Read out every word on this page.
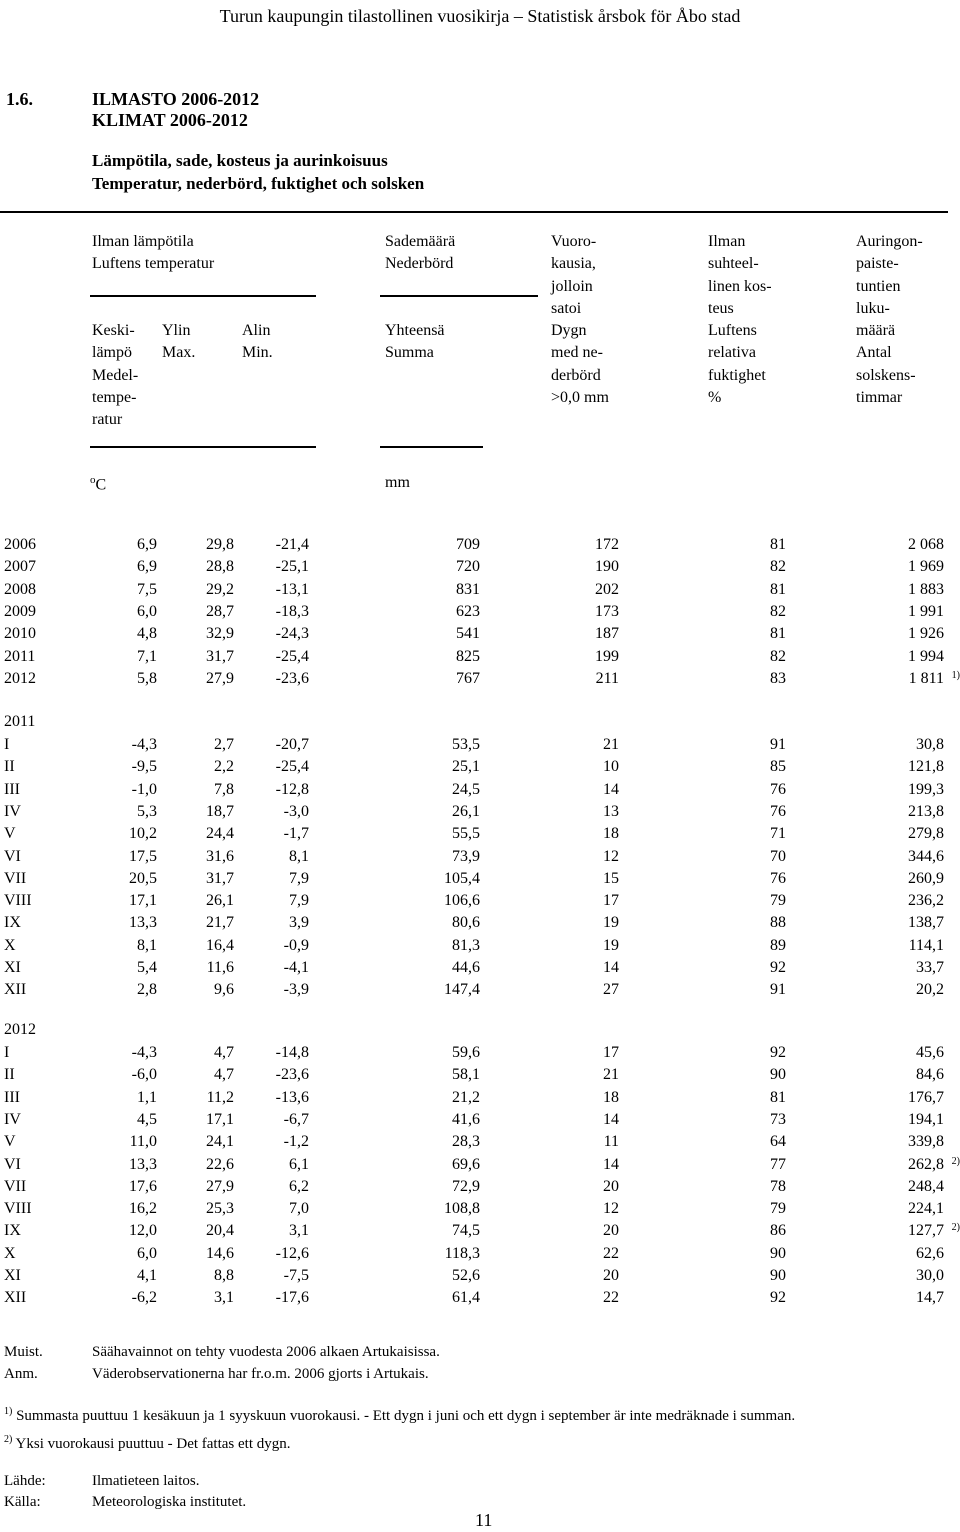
Turun kaupungin tilastollinen vuosikirja – Statistisk årsbok för Åbo stad
1.6.	ILMASTO 2006-2012
KLIMAT 2006-2012
Lämpötila, sade, kosteus ja aurinkoisuus
Temperatur, nederbörd, fuktighet och solsken
Ilman lämpötila
Luftens temperatur

Keski-
lämpö
Medel-
tempe-
ratur

Ylin
Max.

Alin
Min.
Sademäärä
Nederbörd

Yhteensä
Summa
Vuoro-
kausia,
jolloin
satoi
Dygn
med ne-
derbörd
>0,0 mm
Ilman
suhteel-
linen kos-
teus
Luftens
relativa
fuktighet
%
Auringon-
paiste-
tuntien
luku-
määrä
Antal
solskens-
timmar
$^o$C	mm
2006	6,9	29,8	-21,4	709	172	81	2 068
2007	6,9	28,8	-25,1	720	190	82	1 969
2008	7,5	29,2	-13,1	831	202	81	1 883
2009	6,0	28,7	-18,3	623	173	82	1 991
2010	4,8	32,9	-24,3	541	187	81	1 926
2011	7,1	31,7	-25,4	825	199	82	1 994
2012	5,8	27,9	-23,6	767	211	83	1 811 1)
2011
I	-4,3	2,7	-20,7	53,5	21	91	30,8
II	-9,5	2,2	-25,4	25,1	10	85	121,8
III	-1,0	7,8	-12,8	24,5	14	76	199,3
IV	5,3	18,7	-3,0	26,1	13	76	213,8
V	10,2	24,4	-1,7	55,5	18	71	279,8
VI	17,5	31,6	8,1	73,9	12	70	344,6
VII	20,5	31,7	7,9	105,4	15	76	260,9
VIII	17,1	26,1	7,9	106,6	17	79	236,2
IX	13,3	21,7	3,9	80,6	19	88	138,7
X	8,1	16,4	-0,9	81,3	19	89	114,1
XI	5,4	11,6	-4,1	44,6	14	92	33,7
XII	2,8	9,6	-3,9	147,4	27	91	20,2
2012
I	-4,3	4,7	-14,8	59,6	17	92	45,6
II	-6,0	4,7	-23,6	58,1	21	90	84,6
III	1,1	11,2	-13,6	21,2	18	81	176,7
IV	4,5	17,1	-6,7	41,6	14	73	194,1
V	11,0	24,1	-1,2	28,3	11	64	339,8
VI	13,3	22,6	6,1	69,6	14	77	262,8 2)
VII	17,6	27,9	6,2	72,9	20	78	248,4
VIII	16,2	25,3	7,0	108,8	12	79	224,1
IX	12,0	20,4	3,1	74,5	20	86	127,7 2)
X	6,0	14,6	-12,6	118,3	22	90	62,6
XI	4,1	8,8	-7,5	52,6	20	90	30,0
XII	-6,2	3,1	-17,6	61,4	22	92	14,7
Muist.	Säähavainnot on tehty vuodesta 2006 alkaen Artukaisissa.
Anm.	Väderobservationerna har fr.o.m. 2006 gjorts i Artukais.
$^{1)}$ Summasta puuttuu 1 kesäkuun ja 1 syyskuun vuorokausi. - Ett dygn i juni och ett dygn i september är inte medräknade i summan.
$^{2)}$ Yksi vuorokausi puuttuu - Det fattas ett dygn.
Lähde:	Ilmatieteen laitos.
Källa:	Meteorologiska institutet.
11
